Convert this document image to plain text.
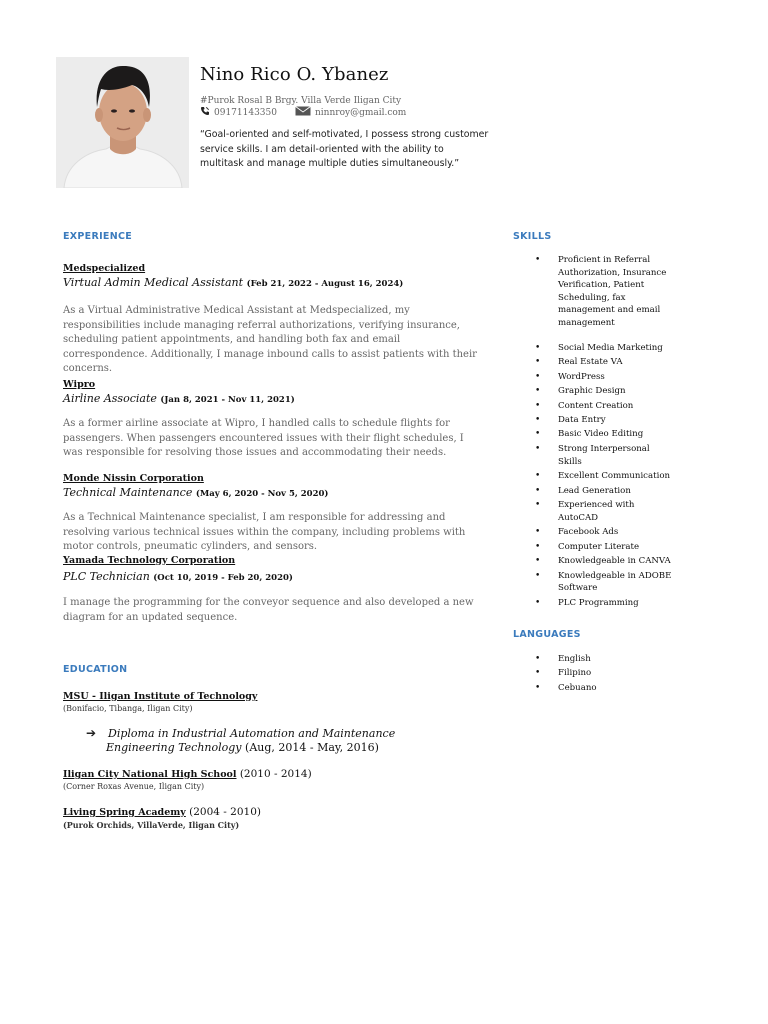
Nino Rico O. Ybanez
#Purok Rosal B Brgy. Villa Verde Iligan City
09171143350	ninnroy@gmail.com
“Goal-oriented and self-motivated, I possess strong customer service skills. I am detail-oriented with the ability to multitask and manage multiple duties simultaneously.”
EXPERIENCE
Medspecialized
Virtual Admin Medical Assistant (Feb 21, 2022 - August 16, 2024)
As a Virtual Administrative Medical Assistant at Medspecialized, my responsibilities include managing referral authorizations, verifying insurance, scheduling patient appointments, and handling both fax and email correspondence. Additionally, I manage inbound calls to assist patients with their concerns.
Wipro
Airline Associate (Jan 8, 2021 - Nov 11, 2021)
As a former airline associate at Wipro, I handled calls to schedule flights for passengers. When passengers encountered issues with their flight schedules, I was responsible for resolving those issues and accommodating their needs.
Monde Nissin Corporation
Technical Maintenance (May 6, 2020 - Nov 5, 2020)
As a Technical Maintenance specialist, I am responsible for addressing and resolving various technical issues within the company, including problems with motor controls, pneumatic cylinders, and sensors.
Yamada Technology Corporation
PLC Technician (Oct 10, 2019 - Feb 20, 2020)
I manage the programming for the conveyor sequence and also developed a new diagram for an updated sequence.
EDUCATION
MSU - Iligan Institute of Technology
(Bonifacio, Tibanga, Iligan City)
➔ Diploma in Industrial Automation and Maintenance Engineering Technology (Aug, 2014 - May, 2016)
Iligan City National High School (2010 - 2014)
(Corner Roxas Avenue, Iligan City)
Living Spring Academy (2004 - 2010)
(Purok Orchids, VillaVerde, Iligan City)
SKILLS
• Proficient in Referral Authorization, Insurance Verification, Patient Scheduling, fax management and email management
• Social Media Marketing
• Real Estate VA
• WordPress
• Graphic Design
• Content Creation
• Data Entry
• Basic Video Editing
• Strong Interpersonal Skills
• Excellent Communication
• Lead Generation
• Experienced with AutoCAD
• Facebook Ads
• Computer Literate
• Knowledgeable in CANVA
• Knowledgeable in ADOBE Software
• PLC Programming
LANGUAGES
• English
• Filipino
• Cebuano
